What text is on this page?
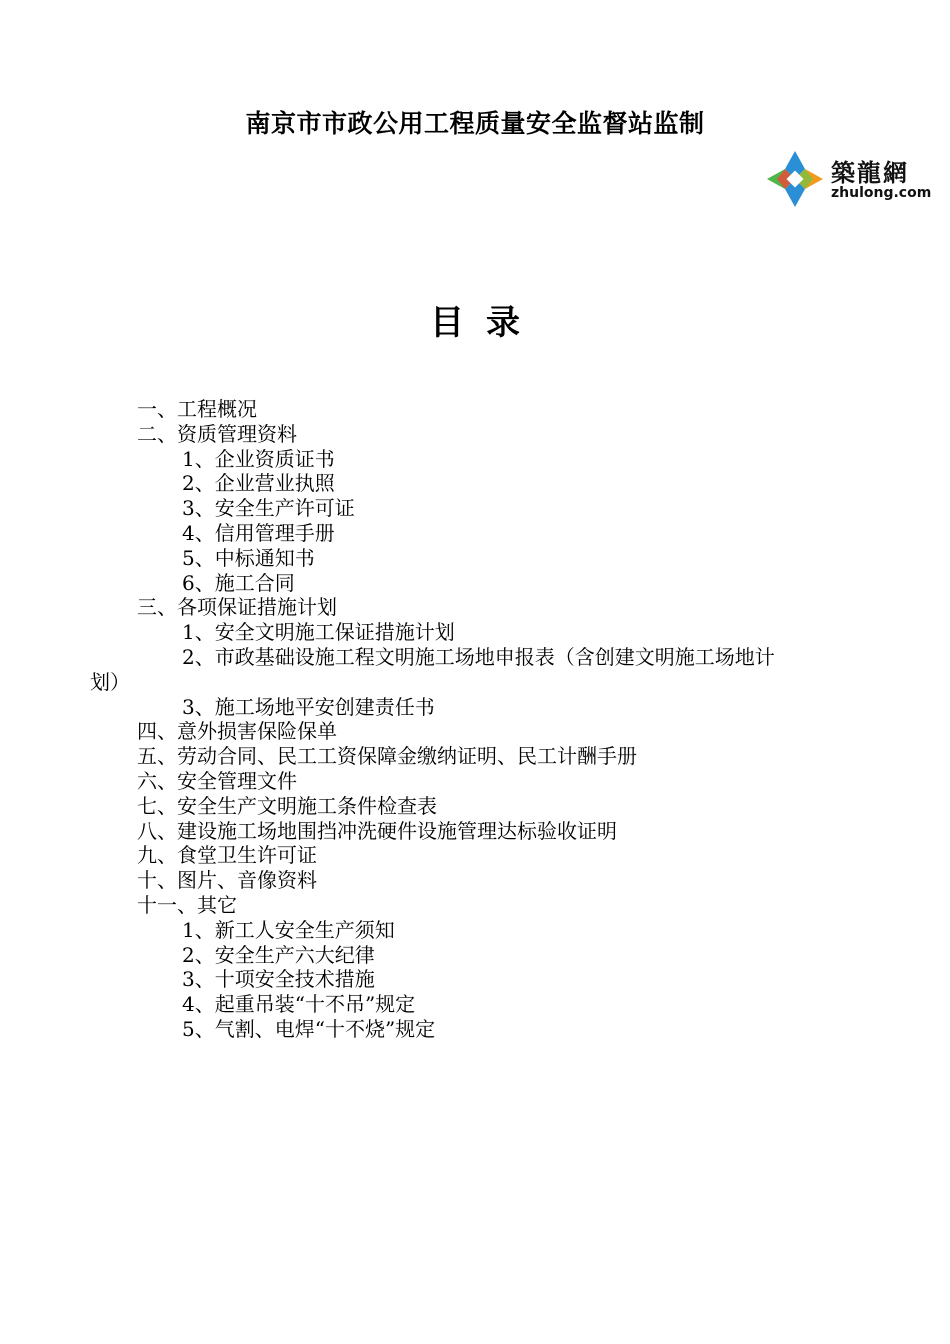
南京市市政公用工程质量安全监督站监制
築龍網
zhulong.com
目录
一、工程概况
二、资质管理资料
1、企业资质证书
2、企业营业执照
3、安全生产许可证
4、信用管理手册
5、中标通知书
6、施工合同
三、各项保证措施计划
1、安全文明施工保证措施计划
2、市政基础设施工程文明施工场地申报表（含创建文明施工场地计
划）
3、施工场地平安创建责任书
四、意外损害保险保单
五、劳动合同、民工工资保障金缴纳证明、民工计酬手册
六、安全管理文件
七、安全生产文明施工条件检查表
八、建设施工场地围挡冲洗硬件设施管理达标验收证明
九、食堂卫生许可证
十、图片、音像资料
十一、其它
1、新工人安全生产须知
2、安全生产六大纪律
3、十项安全技术措施
4、起重吊装“十不吊”规定
5、气割、电焊“十不烧”规定
